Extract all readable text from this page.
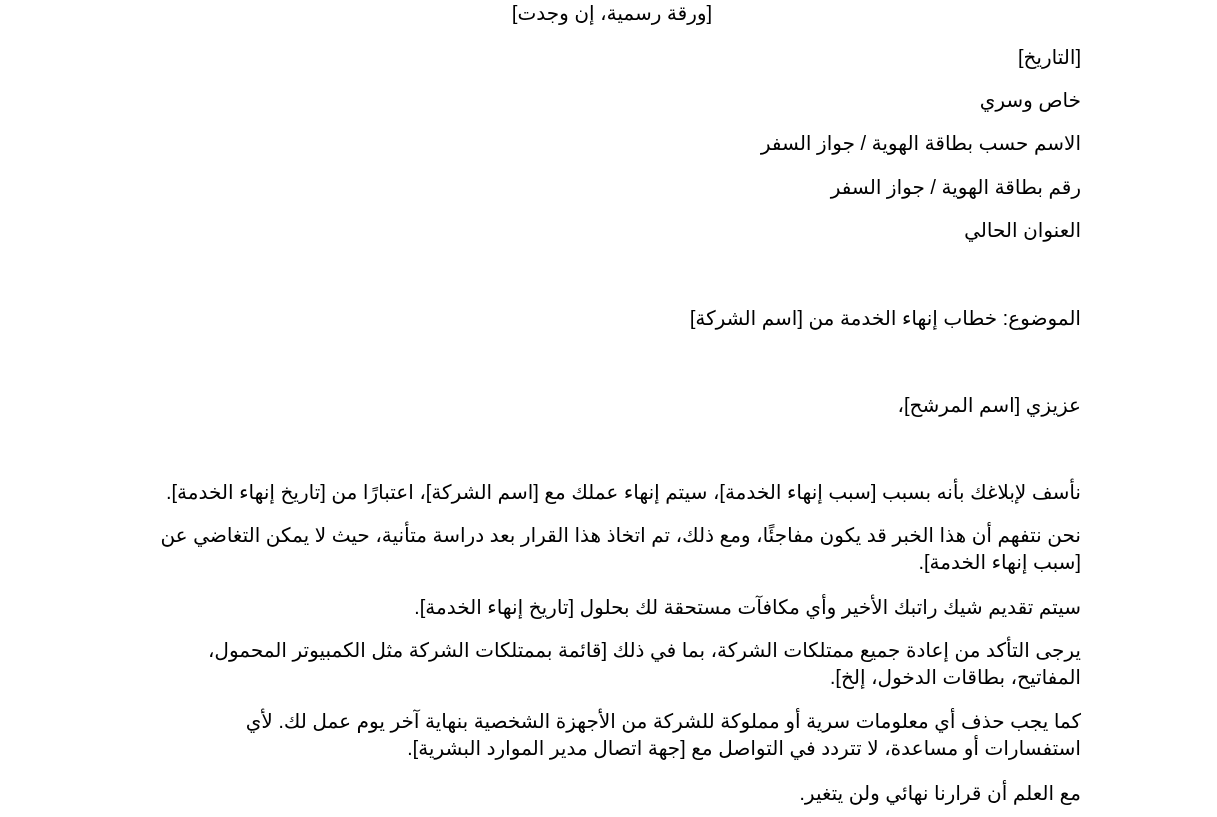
[ورقة رسمية، إن وجدت]
[التاريخ]
خاص وسري
الاسم حسب بطاقة الهوية / جواز السفر
رقم بطاقة الهوية / جواز السفر
العنوان الحالي
الموضوع: خطاب إنهاء الخدمة من [اسم الشركة]
عزيزي [اسم المرشح]،
نأسف لإبلاغك بأنه بسبب [سبب إنهاء الخدمة]، سيتم إنهاء عملك مع [اسم الشركة]، اعتبارًا من [تاريخ إنهاء الخدمة].
نحن نتفهم أن هذا الخبر قد يكون مفاجئًا، ومع ذلك، تم اتخاذ هذا القرار بعد دراسة متأنية، حيث لا يمكن التغاضي عن [سبب إنهاء الخدمة].
سيتم تقديم شيك راتبك الأخير وأي مكافآت مستحقة لك بحلول [تاريخ إنهاء الخدمة].
يرجى التأكد من إعادة جميع ممتلكات الشركة، بما في ذلك [قائمة بممتلكات الشركة مثل الكمبيوتر المحمول، المفاتيح، بطاقات الدخول، إلخ].
كما يجب حذف أي معلومات سرية أو مملوكة للشركة من الأجهزة الشخصية بنهاية آخر يوم عمل لك. لأي استفسارات أو مساعدة، لا تتردد في التواصل مع [جهة اتصال مدير الموارد البشرية].
مع العلم أن قرارنا نهائي ولن يتغير.
